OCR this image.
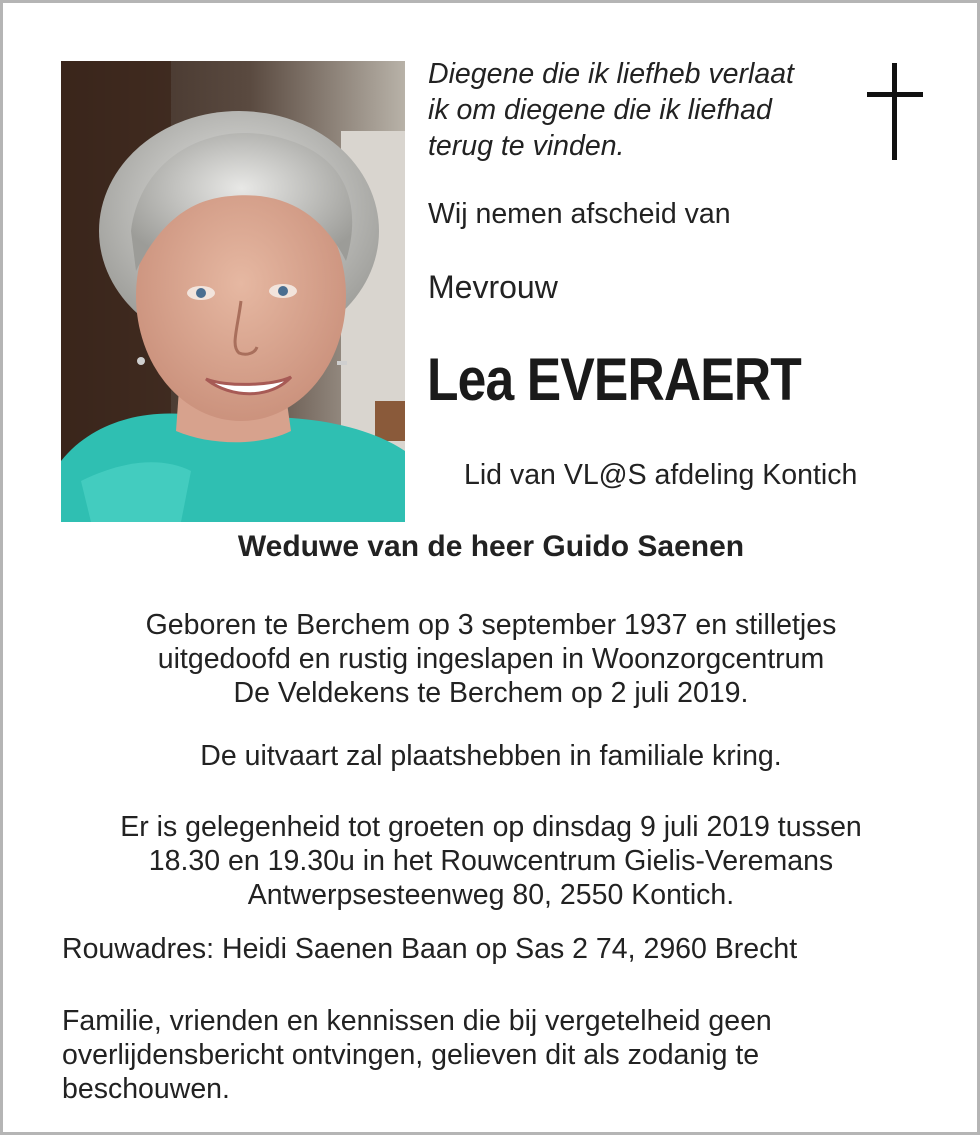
Diegene die ik liefheb verlaat
ik om diegene die ik liefhad
terug te vinden.
Wij nemen afscheid van
Mevrouw
Lea EVERAERT
Lid van VL@S afdeling Kontich
Weduwe van de heer Guido Saenen
Geboren te Berchem op 3 september 1937 en stilletjes
uitgedoofd en rustig ingeslapen in Woonzorgcentrum
De Veldekens te Berchem op 2 juli 2019.
De uitvaart zal plaatshebben in familiale kring.
Er is gelegenheid tot groeten op dinsdag 9 juli 2019 tussen
18.30 en 19.30u in het Rouwcentrum Gielis-Veremans
Antwerpsesteenweg 80, 2550 Kontich.
Rouwadres: Heidi Saenen Baan op Sas 2 74, 2960 Brecht
Familie, vrienden en kennissen die bij vergetelheid geen
overlijdensbericht ontvingen, gelieven dit als zodanig te
beschouwen.
